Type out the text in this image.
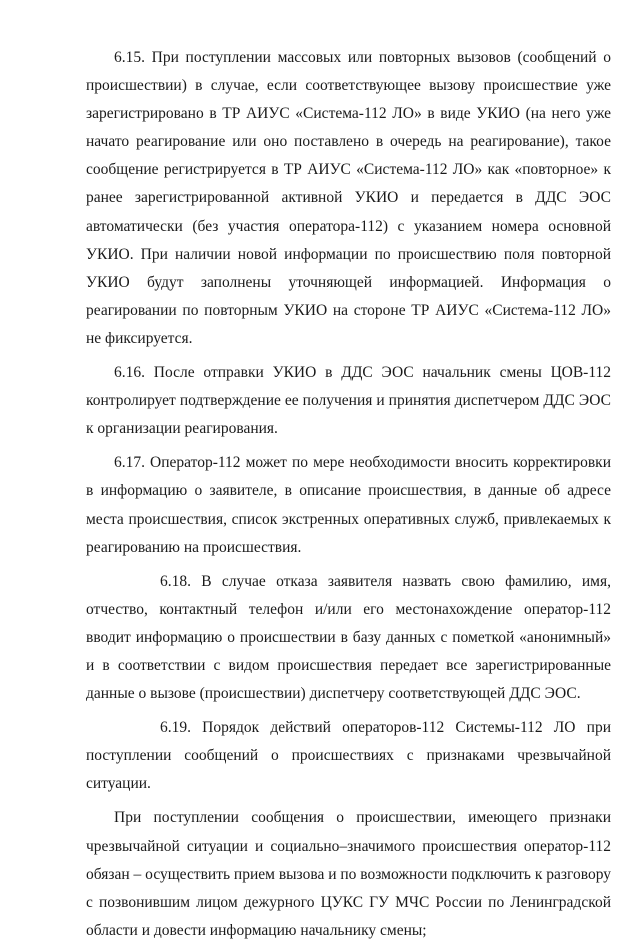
6.15. При поступлении массовых или повторных вызовов (сообщений о происшествии) в случае, если соответствующее вызову происшествие уже зарегистрировано в ТР АИУС «Система-112 ЛО» в виде УКИО (на него уже начато реагирование или оно поставлено в очередь на реагирование), такое сообщение регистрируется в ТР АИУС «Система-112 ЛО» как «повторное» к ранее зарегистрированной активной УКИО и передается в ДДС ЭОС автоматически (без участия оператора-112) с указанием номера основной УКИО. При наличии новой информации по происшествию поля повторной УКИО будут заполнены уточняющей информацией. Информация о реагировании по повторным УКИО на стороне ТР АИУС «Система-112 ЛО» не фиксируется.

6.16. После отправки УКИО в ДДС ЭОС начальник смены ЦОВ-112 контролирует подтверждение ее получения и принятия диспетчером ДДС ЭОС к организации реагирования.

6.17. Оператор-112 может по мере необходимости вносить корректировки в информацию о заявителе, в описание происшествия, в данные об адресе места происшествия, список экстренных оперативных служб, привлекаемых к реагированию на происшествия.

6.18. В случае отказа заявителя назвать свою фамилию, имя, отчество, контактный телефон и/или его местонахождение оператор-112 вводит информацию о происшествии в базу данных с пометкой «анонимный» и в соответствии с видом происшествия передает все зарегистрированные данные о вызове (происшествии) диспетчеру соответствующей ДДС ЭОС.

6.19. Порядок действий операторов-112 Системы-112 ЛО при поступлении сообщений о происшествиях с признаками чрезвычайной ситуации.

При поступлении сообщения о происшествии, имеющего признаки чрезвычайной ситуации и социально–значимого происшествия оператор-112 обязан – осуществить прием вызова и по возможности подключить к разговору с позвонившим лицом дежурного ЦУКС ГУ МЧС России по Ленинградской области и довести информацию начальнику смены;
